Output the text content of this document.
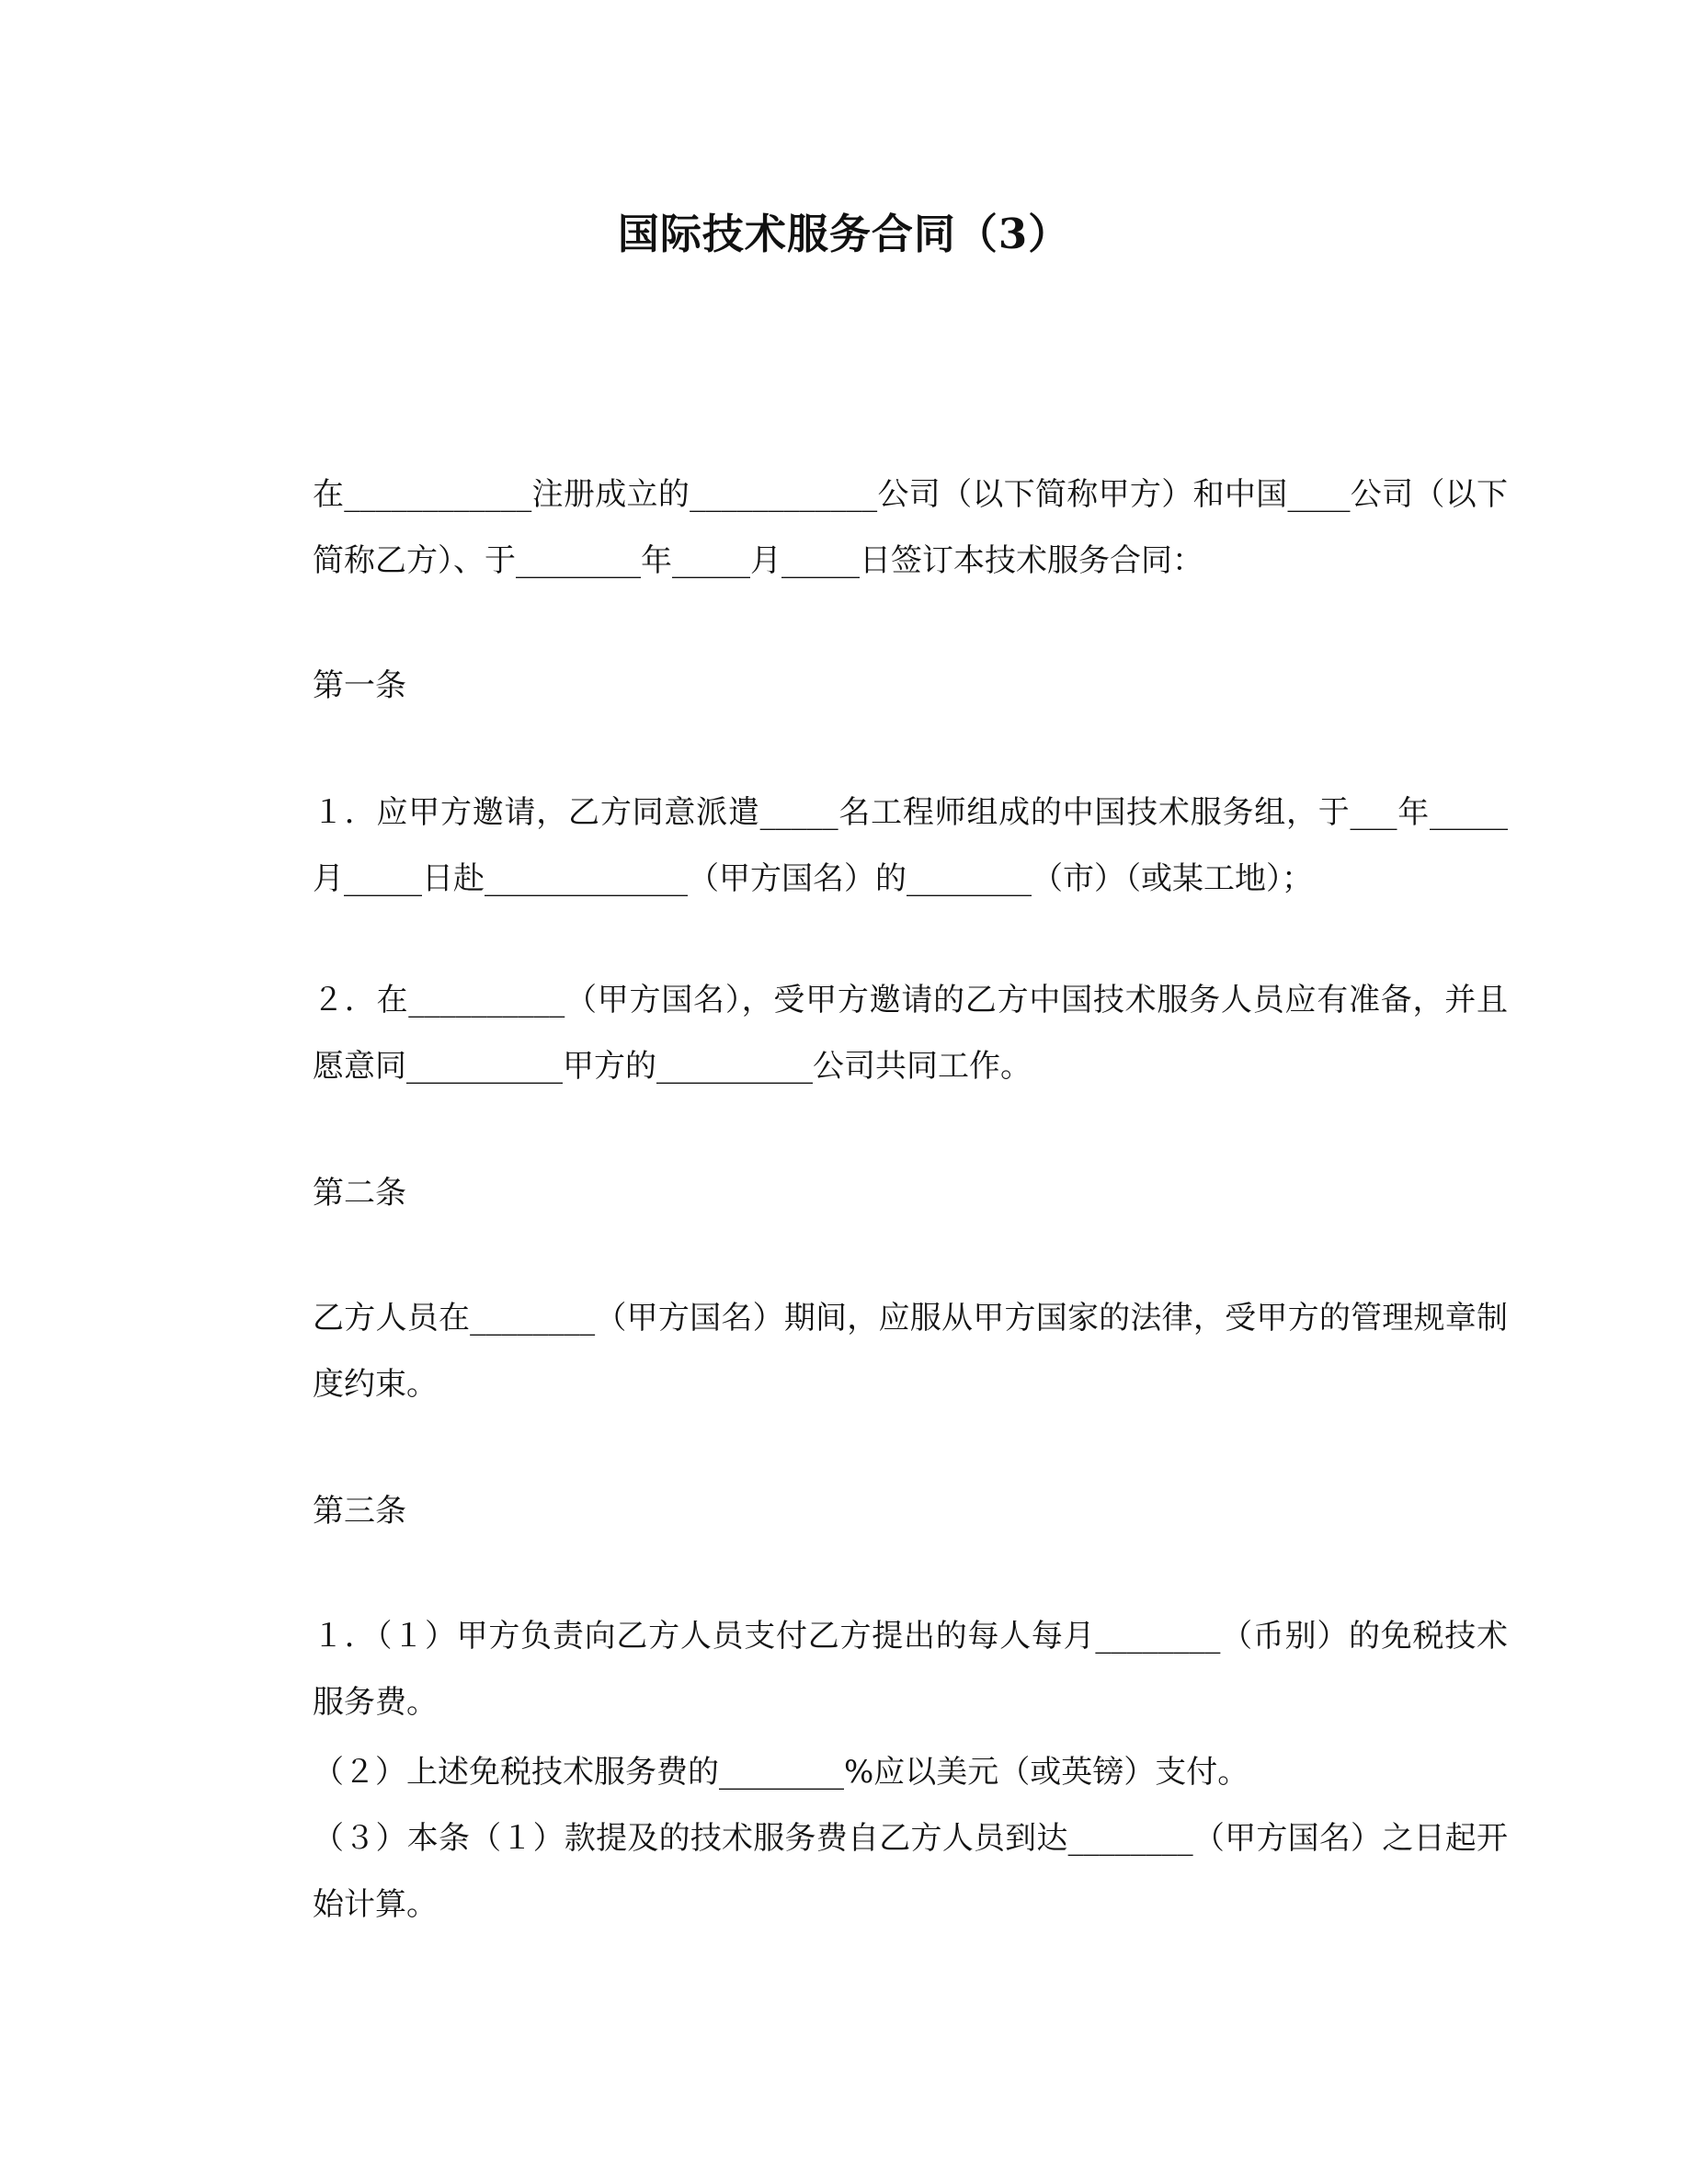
国际技术服务合同（3）
在____________注册成立的____________公司（以下简称甲方）和中国____公司（以下简称乙方）、于________年_____月_____日签订本技术服务合同：
第一条
１．应甲方邀请，乙方同意派遣_____名工程师组成的中国技术服务组，于___年_____月_____日赴_____________（甲方国名）的________（市）（或某工地）；
２．在__________（甲方国名），受甲方邀请的乙方中国技术服务人员应有准备，并且愿意同__________甲方的__________公司共同工作。
第二条
乙方人员在________（甲方国名）期间，应服从甲方国家的法律，受甲方的管理规章制度约束。
第三条
１．（１）甲方负责向乙方人员支付乙方提出的每人每月________（币别）的免税技术服务费。
（２）上述免税技术服务费的________%应以美元（或英镑）支付。
（３）本条（１）款提及的技术服务费自乙方人员到达________（甲方国名）之日起开始计算。
